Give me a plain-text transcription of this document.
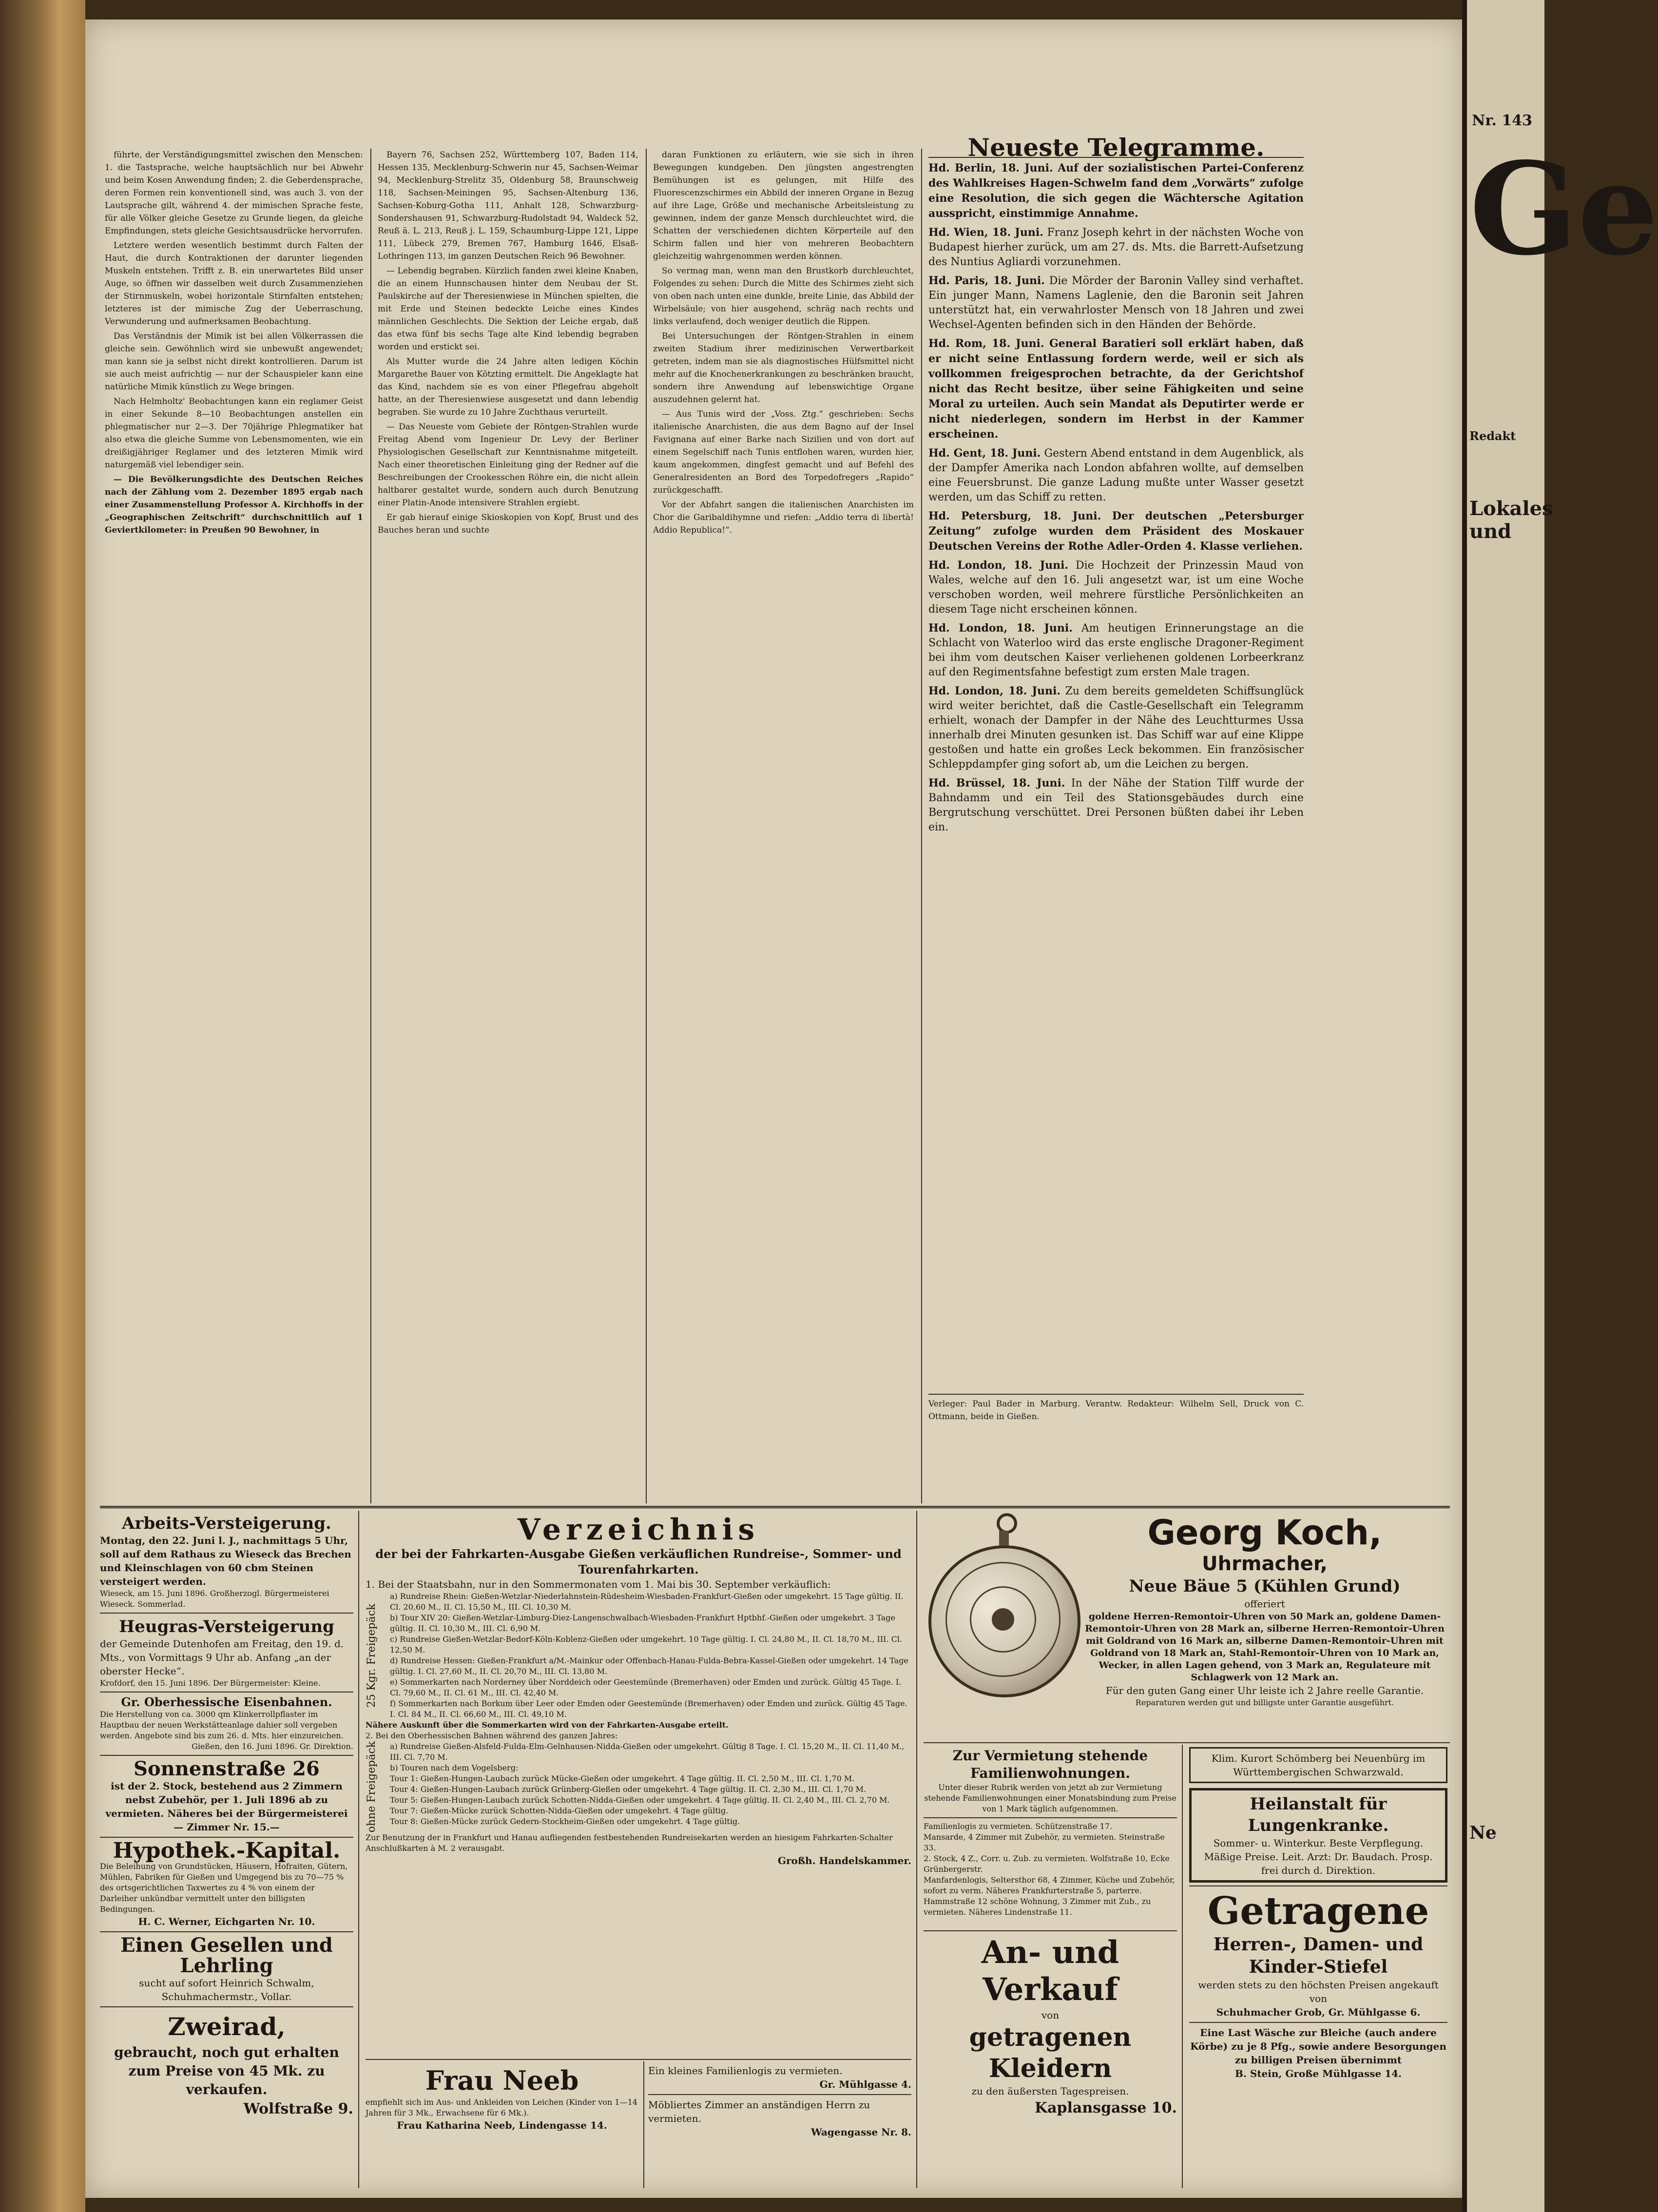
führte, der Verständigungsmittel zwischen den Menschen: 1. die Tastsprache, welche hauptsächlich nur bei Abwehr und beim Kosen Anwendung finden; 2. die Geberdensprache, deren Formen rein konventionell sind, was auch 3. von der Lautsprache gilt, während 4. der mimischen Sprache feste, für alle Völker gleiche Gesetze zu Grunde liegen, da gleiche Empfindungen, stets gleiche Gesichtsausdrücke hervorrufen.

Letztere werden wesentlich bestimmt durch Falten der Haut, die durch Kontraktionen der darunter liegenden Muskeln entstehen. Trifft z. B. ein unerwartetes Bild unser Auge, so öffnen wir dasselben weit durch Zusammenziehen der Stirnmuskeln, wobei horizontale Stirnfalten entstehen; letzteres ist der mimische Zug der Ueberraschung, Verwunderung und aufmerksamen Beobachtung.

Das Verständnis der Mimik ist bei allen Völkerrassen die gleiche sein. Gewöhnlich wird sie unbewußt angewendet; man kann sie ja selbst nicht direkt kontrollieren. Darum ist sie auch meist aufrichtig — nur der Schauspieler kann eine natürliche Mimik künstlich zu Wege bringen.

Nach Helmholtz' Beobachtungen kann ein reglamer Geist in einer Sekunde 8—10 Beobachtungen anstellen ein phlegmatischer nur 2—3. Der 70jährige Phlegmatiker hat also etwa die gleiche Summe von Lebensmomenten, wie ein dreißigjähriger Reglamer und des letzteren Mimik wird naturgemäß viel lebendiger sein.

— Die Bevölkerungsdichte des Deutschen Reiches nach der Zählung vom 2. Dezember 1895 ergab nach einer Zusammenstellung Professor A. Kirchhoffs in der „Geographischen Zeitschrift“ durchschnittlich auf 1 Geviertkilometer: in Preußen 90 Bewohner, in

Bayern 76, Sachsen 252, Württemberg 107, Baden 114, Hessen 135, Mecklenburg-Schwerin nur 45, Sachsen-Weimar 94, Mecklenburg-Strelitz 35, Oldenburg 58, Braunschweig 118, Sachsen-Meiningen 95, Sachsen-Altenburg 136, Sachsen-Koburg-Gotha 111, Anhalt 128, Schwarzburg-Sondershausen 91, Schwarzburg-Rudolstadt 94, Waldeck 52, Reuß ä. L. 213, Reuß j. L. 159, Schaumburg-Lippe 121, Lippe 111, Lübeck 279, Bremen 767, Hamburg 1646, Elsaß-Lothringen 113, im ganzen Deutschen Reich 96 Bewohner.

— Lebendig begraben. Kürzlich fanden zwei kleine Knaben, die an einem Hunnschausen hinter dem Neubau der St. Paulskirche auf der Theresienwiese in München spielten, die mit Erde und Steinen bedeckte Leiche eines Kindes männlichen Geschlechts. Die Sektion der Leiche ergab, daß das etwa fünf bis sechs Tage alte Kind lebendig begraben worden und erstickt sei.

Als Mutter wurde die 24 Jahre alten ledigen Köchin Margarethe Bauer von Kötzting ermittelt. Die Angeklagte hat das Kind, nachdem sie es von einer Pflegefrau abgeholt hatte, an der Theresienwiese ausgesetzt und dann lebendig begraben. Sie wurde zu 10 Jahre Zuchthaus verurteilt.

— Das Neueste vom Gebiete der Röntgen-Strahlen wurde Freitag Abend vom Ingenieur Dr. Levy der Berliner Physiologischen Gesellschaft zur Kenntnisnahme mitgeteilt. Nach einer theoretischen Einleitung ging der Redner auf die Beschreibungen der Crookesschen Röhre ein, die nicht allein haltbarer gestaltet wurde, sondern auch durch Benutzung einer Platin-Anode intensivere Strahlen ergiebt.

Er gab hierauf einige Skioskopien von Kopf, Brust und des Bauches heran und suchte

daran Funktionen zu erläutern, wie sie sich in ihren Bewegungen kundgeben. Den jüngsten angestrengten Bemühungen ist es gelungen, mit Hilfe des Fluorescenzschirmes ein Abbild der inneren Organe in Bezug auf ihre Lage, Größe und mechanische Arbeitsleistung zu gewinnen, indem der ganze Mensch durchleuchtet wird, die Schatten der verschiedenen dichten Körperteile auf den Schirm fallen und hier von mehreren Beobachtern gleichzeitig wahrgenommen werden können.

So vermag man, wenn man den Brustkorb durchleuchtet, Folgendes zu sehen: Durch die Mitte des Schirmes zieht sich von oben nach unten eine dunkle, breite Linie, das Abbild der Wirbelsäule; von hier ausgehend, schräg nach rechts und links verlaufend, doch weniger deutlich die Rippen.

Bei Untersuchungen der Röntgen-Strahlen in einem zweiten Stadium ihrer medizinischen Verwertbarkeit getreten, indem man sie als diagnostisches Hülfsmittel nicht mehr auf die Knochenerkrankungen zu beschränken braucht, sondern ihre Anwendung auf lebenswichtige Organe auszudehnen gelernt hat.

— Aus Tunis wird der „Voss. Ztg.“ geschrieben: Sechs italienische Anarchisten, die aus dem Bagno auf der Insel Favignana auf einer Barke nach Sizilien und von dort auf einem Segelschiff nach Tunis entflohen waren, wurden hier, kaum angekommen, dingfest gemacht und auf Befehl des Generalresidenten an Bord des Torpedofregers „Rapido“ zurückgeschafft.

Vor der Abfahrt sangen die italienischen Anarchisten im Chor die Garibaldihymne und riefen: „Addio terra di libertà! Addio Republica!“.

Neueste Telegramme.

Hd. Berlin, 18. Juni. Auf der sozialistischen Partei-Conferenz des Wahlkreises Hagen-Schwelm fand dem „Vorwärts“ zufolge eine Resolution, die sich gegen die Wächtersche Agitation ausspricht, einstimmige Annahme.

Hd. Wien, 18. Juni. Franz Joseph kehrt in der nächsten Woche von Budapest hierher zurück, um am 27. ds. Mts. die Barrett-Aufsetzung des Nuntius Agliardi vorzunehmen.

Hd. Paris, 18. Juni. Die Mörder der Baronin Valley sind verhaftet. Ein junger Mann, Namens Laglenie, den die Baronin seit Jahren unterstützt hat, ein verwahrloster Mensch von 18 Jahren und zwei Wechsel-Agenten befinden sich in den Händen der Behörde.

Hd. Rom, 18. Juni. General Baratieri soll erklärt haben, daß er nicht seine Entlassung fordern werde, weil er sich als vollkommen freigesprochen betrachte, da der Gerichtshof nicht das Recht besitze, über seine Fähigkeiten und seine Moral zu urteilen. Auch sein Mandat als Deputirter werde er nicht niederlegen, sondern im Herbst in der Kammer erscheinen.

Hd. Gent, 18. Juni. Gestern Abend entstand in dem Augenblick, als der Dampfer Amerika nach London abfahren wollte, auf demselben eine Feuersbrunst. Die ganze Ladung mußte unter Wasser gesetzt werden, um das Schiff zu retten.

Hd. Petersburg, 18. Juni. Der deutschen „Petersburger Zeitung“ zufolge wurden dem Präsident des Moskauer Deutschen Vereins der Rothe Adler-Orden 4. Klasse verliehen.

Hd. London, 18. Juni. Die Hochzeit der Prinzessin Maud von Wales, welche auf den 16. Juli angesetzt war, ist um eine Woche verschoben worden, weil mehrere fürstliche Persönlichkeiten an diesem Tage nicht erscheinen können.

Hd. London, 18. Juni. Am heutigen Erinnerungstage an die Schlacht von Waterloo wird das erste englische Dragoner-Regiment bei ihm vom deutschen Kaiser verliehenen goldenen Lorbeerkranz auf den Regimentsfahne befestigt zum ersten Male tragen.

Hd. London, 18. Juni. Zu dem bereits gemeldeten Schiffsunglück wird weiter berichtet, daß die Castle-Gesellschaft ein Telegramm erhielt, wonach der Dampfer in der Nähe des Leuchtturmes Ussa innerhalb drei Minuten gesunken ist. Das Schiff war auf eine Klippe gestoßen und hatte ein großes Leck bekommen. Ein französischer Schleppdampfer ging sofort ab, um die Leichen zu bergen.

Hd. Brüssel, 18. Juni. In der Nähe der Station Tilff wurde der Bahndamm und ein Teil des Stationsgebäudes durch eine Bergrutschung verschüttet. Drei Personen büßten dabei ihr Leben ein.

Verleger: Paul Bader in Marburg. Verantw. Redakteur: Wilhelm Sell, Druck von C. Ottmann, beide in Gießen.
Arbeits-Versteigerung.

Montag, den 22. Juni l. J., nachmittags 5 Uhr, soll auf dem Rathaus zu Wieseck das Brechen und Kleinschlagen von 60 cbm Steinen versteigert werden.

Wieseck, am 15. Juni 1896. Großherzogl. Bürgermeisterei Wieseck. Sommerlad.

Heugras-Versteigerung

der Gemeinde Dutenhofen am Freitag, den 19. d. Mts., von Vormittags 9 Uhr ab. Anfang „an der oberster Hecke“.

Krofdorf, den 15. Juni 1896. Der Bürgermeister: Kleine.

Gr. Oberhessische Eisenbahnen.

Die Herstellung von ca. 3000 qm Klinkerrollpflaster im Hauptbau der neuen Werkstätteanlage dahier soll vergeben werden. Angebote sind bis zum 26. d. Mts. hier einzureichen.

Gießen, den 16. Juni 1896. Gr. Direktion.

Sonnenstraße 26

ist der 2. Stock, bestehend aus 2 Zimmern nebst Zubehör, per 1. Juli 1896 ab zu vermieten. Näheres bei der Bürgermeisterei — Zimmer Nr. 15.—

Hypothek.-Kapital.

Die Beleihung von Grundstücken, Häusern, Hofraiten, Gütern, Mühlen, Fabriken für Gießen und Umgegend bis zu 70—75 % des ortsgerichtlichen Taxwertes zu 4 % von einem der Darleiher unkündbar vermittelt unter den billigsten Bedingungen.

H. C. Werner, Eichgarten Nr. 10.

Einen Gesellen und Lehrling

sucht auf sofort Heinrich Schwalm, Schuhmachermstr., Vollar.

Zweirad,

gebraucht, noch gut erhalten zum Preise von 45 Mk. zu verkaufen.

Wolfstraße 9.

Verzeichnis

der bei der Fahrkarten-Ausgabe Gießen verkäuflichen Rundreise-, Sommer- und Tourenfahrkarten.

1. Bei der Staatsbahn, nur in den Sommermonaten vom 1. Mai bis 30. September verkäuflich:

25 Kgr. Freigepäck

a) Rundreise Rhein: Gießen-Wetzlar-Niederlahnstein-Rüdesheim-Wiesbaden-Frankfurt-Gießen oder umgekehrt. 15 Tage gültig. II. Cl. 20,60 M., II. Cl. 15,50 M., III. Cl. 10,30 M.

b) Tour XIV 20: Gießen-Wetzlar-Limburg-Diez-Langenschwalbach-Wiesbaden-Frankfurt Hptbhf.-Gießen oder umgekehrt. 3 Tage gültig. II. Cl. 10,30 M., III. Cl. 6,90 M.

c) Rundreise Gießen-Wetzlar-Bedorf-Köln-Koblenz-Gießen oder umgekehrt. 10 Tage gültig. I. Cl. 24,80 M., II. Cl. 18,70 M., III. Cl. 12,50 M.

d) Rundreise Hessen: Gießen-Frankfurt a/M.-Mainkur oder Offenbach-Hanau-Fulda-Bebra-Kassel-Gießen oder umgekehrt. 14 Tage gültig. I. Cl. 27,60 M., II. Cl. 20,70 M., III. Cl. 13,80 M.

e) Sommerkarten nach Norderney über Norddeich oder Geestemünde (Bremerhaven) oder Emden und zurück. Gültig 45 Tage. I. Cl. 79,60 M., II. Cl. 61 M., III. Cl. 42,40 M.

f) Sommerkarten nach Borkum über Leer oder Emden oder Geestemünde (Bremerhaven) oder Emden und zurück. Gültig 45 Tage. I. Cl. 84 M., II. Cl. 66,60 M., III. Cl. 49,10 M.

Nähere Auskunft über die Sommerkarten wird von der Fahrkarten-Ausgabe erteilt.

2. Bei den Oberhessischen Bahnen während des ganzen Jahres:

ohne Freigepäck	a) Rundreise Gießen-Alsfeld-Fulda-Elm-Gelnhausen-Nidda-Gießen oder umgekehrt. Gültig 8 Tage. I. Cl. 15,20 M., II. Cl. 11,40 M., III. Cl. 7,70 M.

b) Touren nach dem Vogelsberg:

Tour 1: Gießen-Hungen-Laubach zurück Mücke-Gießen oder umgekehrt. 4 Tage gültig. II. Cl. 2,50 M., III. Cl. 1,70 M.

Tour 4: Gießen-Hungen-Laubach zurück Grünberg-Gießen oder umgekehrt. 4 Tage gültig. II. Cl. 2,30 M., III. Cl. 1,70 M.

Tour 5: Gießen-Hungen-Laubach zurück Schotten-Nidda-Gießen oder umgekehrt. 4 Tage gültig. II. Cl. 2,40 M., III. Cl. 2,70 M.

Tour 7: Gießen-Mücke zurück Schotten-Nidda-Gießen oder umgekehrt. 4 Tage gültig.

Tour 8: Gießen-Mücke zurück Gedern-Stockheim-Gießen oder umgekehrt. 4 Tage gültig.

Zur Benutzung der in Frankfurt und Hanau aufliegenden festbestehenden Rundreisekarten werden an hiesigem Fahrkarten-Schalter Anschlußkarten à M. 2 verausgabt.

Großh. Handelskammer.

Frau Neeb

empfiehlt sich im Aus- und Ankleiden von Leichen (Kinder von 1—14 Jahren für 3 Mk., Erwachsene für 6 Mk.).

Frau Katharina Neeb, Lindengasse 14.

Ein kleines Familienlogis zu vermieten.

Gr. Mühlgasse 4.

Möbliertes Zimmer an anständigen Herrn zu vermieten.

Wagengasse Nr. 8.

Georg Koch,
Uhrmacher,
Neue Bäue 5 (Kühlen Grund)
offeriert

goldene Herren-Remontoir-Uhren von 50 Mark an, goldene Damen-Remontoir-Uhren von 28 Mark an, silberne Herren-Remontoir-Uhren mit Goldrand von 16 Mark an, silberne Damen-Remontoir-Uhren mit Goldrand von 18 Mark an, Stahl-Remontoir-Uhren von 10 Mark an, Wecker, in allen Lagen gehend, von 3 Mark an, Regulateure mit Schlagwerk von 12 Mark an.

Für den guten Gang einer Uhr leiste ich 2 Jahre reelle Garantie.

Reparaturen werden gut und billigste unter Garantie ausgeführt.

Zur Vermietung stehende Familienwohnungen.

Unter dieser Rubrik werden von jetzt ab zur Vermietung stehende Familienwohnungen einer Monatsbindung zum Preise von 1 Mark täglich aufgenommen.

Familienlogis zu vermieten. Schützenstraße 17.

Mansarde, 4 Zimmer mit Zubehör, zu vermieten. Steinstraße 33.

2. Stock, 4 Z., Corr. u. Zub. zu vermieten. Wolfstraße 10, Ecke Grünbergerstr.

Manfardenlogis, Seltersthor 68, 4 Zimmer, Küche und Zubehör, sofort zu verm. Näheres Frankfurterstraße 5, parterre.

Hammstraße 12 schöne Wohnung, 3 Zimmer mit Zub., zu vermieten. Näheres Lindenstraße 11.

An- und Verkauf
von
getragenen Kleidern

zu den äußersten Tagespreisen.

Kaplansgasse 10.

Klim. Kurort Schömberg bei Neuenbürg im Württembergischen Schwarzwald.
Heilanstalt für Lungenkranke.

Sommer- u. Winterkur. Beste Verpflegung. Mäßige Preise. Leit. Arzt: Dr. Baudach. Prosp. frei durch d. Direktion.

Getragene
Herren-, Damen- und Kinder-Stiefel

werden stets zu den höchsten Preisen angekauft von

Schuhmacher Grob, Gr. Mühlgasse 6.

Eine Last Wäsche zur Bleiche (auch andere Körbe) zu je 8 Pfg., sowie andere Besorgungen zu billigen Preisen übernimmt

B. Stein, Große Mühlgasse 14.

Nr. 143
Ge
Redakt
Lokales und
Ne
